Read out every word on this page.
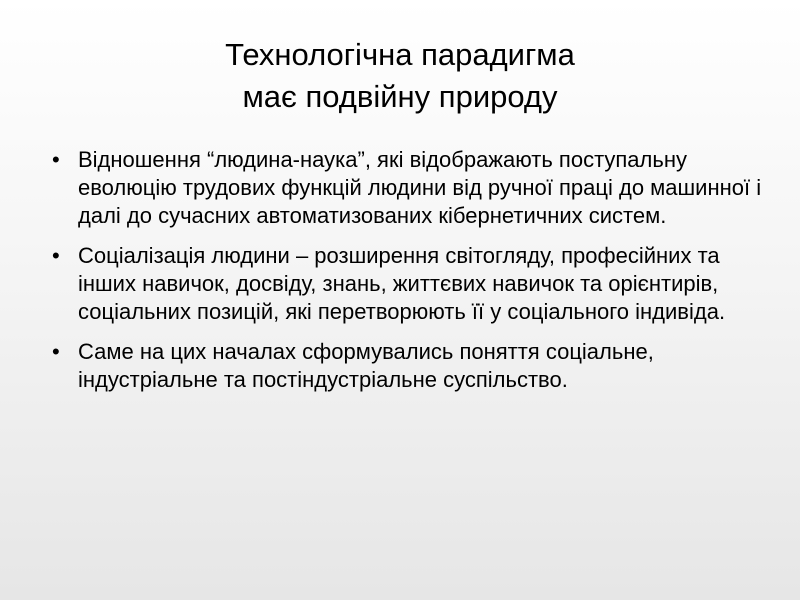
Технологічна парадигма
має подвійну природу
• Відношення “людина-наука”, які відображають поступальну еволюцію трудових функцій людини від ручної праці до машинної і далі до сучасних автоматизованих кібернетичних систем.
• Соціалізація людини – розширення світогляду, професійних та інших навичок, досвіду, знань, життєвих навичок та орієнтирів, соціальних позицій, які перетворюють її у соціального індивіда.
• Саме на цих началах сформувались поняття соціальне, індустріальне та постіндустріальне суспільство.
